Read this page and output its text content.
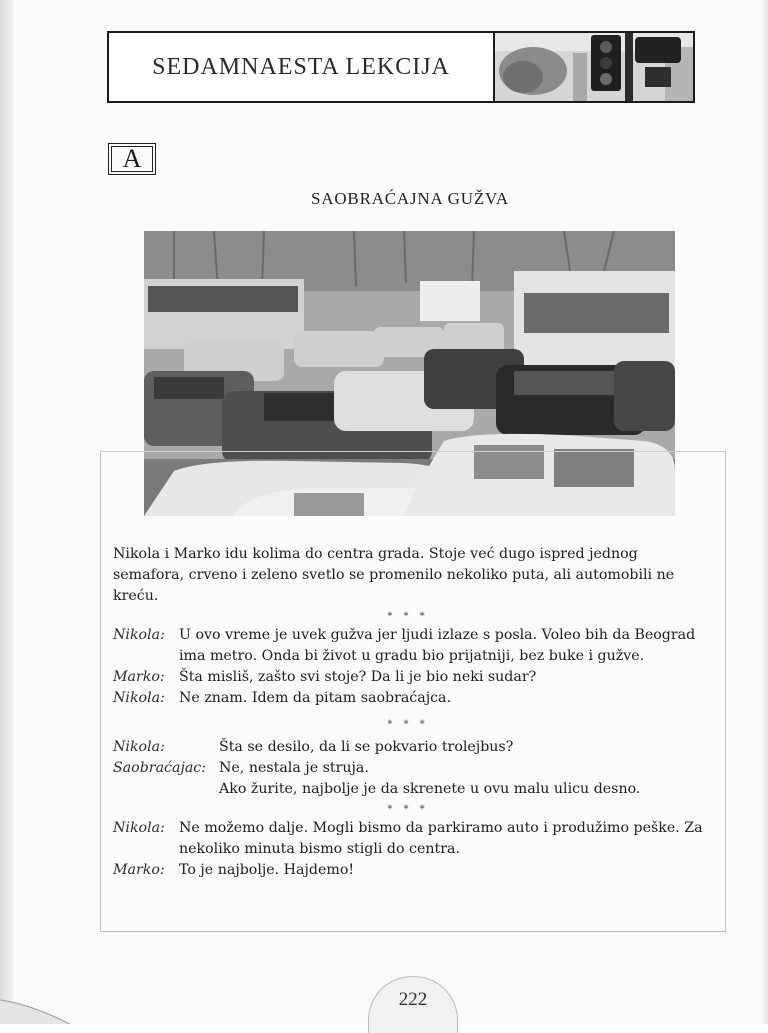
SEDAMNAESTA LEKCIJA
A
SAOBRAĆAJNA GUŽVA

Nikola i Marko idu kolima do centra grada. Stoje već dugo ispred jednog semafora, crveno i zeleno svetlo se promenilo nekoliko puta, ali automobili ne kreću.

* * *
Nikola: U ovo vreme je uvek gužva jer ljudi izlaze s posla. Voleo bih da Beograd ima metro. Onda bi život u gradu bio prijatniji, bez buke i gužve.
Marko:	Šta misliš, zašto svi stoje? Da li je bio neki sudar?
Nikola: Ne znam. Idem da pitam saobraćajca.
* * *
Nikola:	Šta se desilo, da li se pokvario trolejbus?
Saobraćajac: Ne, nestala je struja.
Ako žurite, najbolje je da skrenete u ovu malu ulicu desno.
* * *
Nikola: Ne možemo dalje. Mogli bismo da parkiramo auto i produžimo peške. Za nekoliko minuta bismo stigli do centra.
Marko:	To je najbolje. Hajdemo!
222
